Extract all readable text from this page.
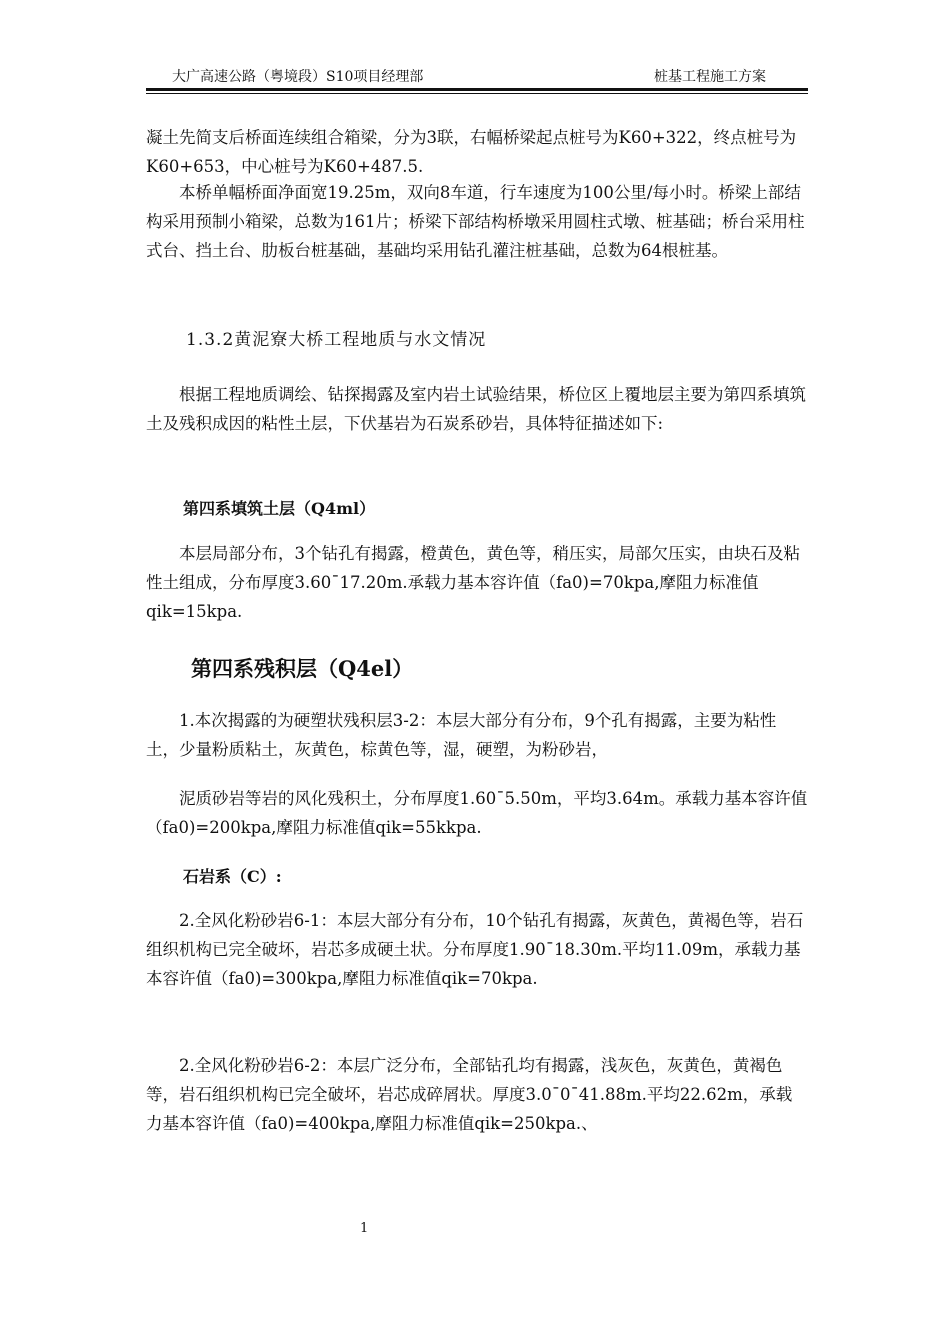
大广高速公路（粤境段）S10项目经理部	桩基工程施工方案

凝土先简支后桥面连续组合箱梁，分为3联，右幅桥梁起点桩号为K60+322，终点桩号为K60+653，中心桩号为K60+487.5.

　　本桥单幅桥面净面宽19.25m，双向8车道，行车速度为100公里/每小时。桥梁上部结构采用预制小箱梁，总数为161片；桥梁下部结构桥墩采用圆柱式墩、桩基础；桥台采用柱式台、挡土台、肋板台桩基础，基础均采用钻孔灌注桩基础，总数为64根桩基。

1.3.2黄泥寮大桥工程地质与水文情况

　　根据工程地质调绘、钻探揭露及室内岩土试验结果，桥位区上覆地层主要为第四系填筑土及残积成因的粘性土层，下伏基岩为石炭系砂岩，具体特征描述如下:

第四系填筑土层（Q4ml）

　　本层局部分布，3个钻孔有揭露，橙黄色，黄色等，稍压实，局部欠压实，由块石及粘性土组成，分布厚度3.60¯17.20m.承载力基本容许值（fa0)=70kpa,摩阻力标准值qik=15kpa.

第四系残积层（Q4el）

　　1.本次揭露的为硬塑状残积层3-2：本层大部分有分布，9个孔有揭露，主要为粘性土，少量粉质粘土，灰黄色，棕黄色等，湿，硬塑，为粉砂岩，

　　泥质砂岩等岩的风化残积土，分布厚度1.60¯5.50m，平均3.64m。承载力基本容许值（fa0)=200kpa,摩阻力标准值qik=55kkpa.

石岩系（C）:

　　2.全风化粉砂岩6-1：本层大部分有分布，10个钻孔有揭露，灰黄色，黄褐色等，岩石组织机构已完全破坏，岩芯多成硬土状。分布厚度1.90¯18.30m.平均11.09m，承载力基本容许值（fa0)=300kpa,摩阻力标准值qik=70kpa.

　　2.全风化粉砂岩6-2：本层广泛分布，全部钻孔均有揭露，浅灰色，灰黄色，黄褐色等，岩石组织机构已完全破坏，岩芯成碎屑状。厚度3.0¯0¯41.88m.平均22.62m，承载力基本容许值（fa0)=400kpa,摩阻力标准值qik=250kpa.、

1
